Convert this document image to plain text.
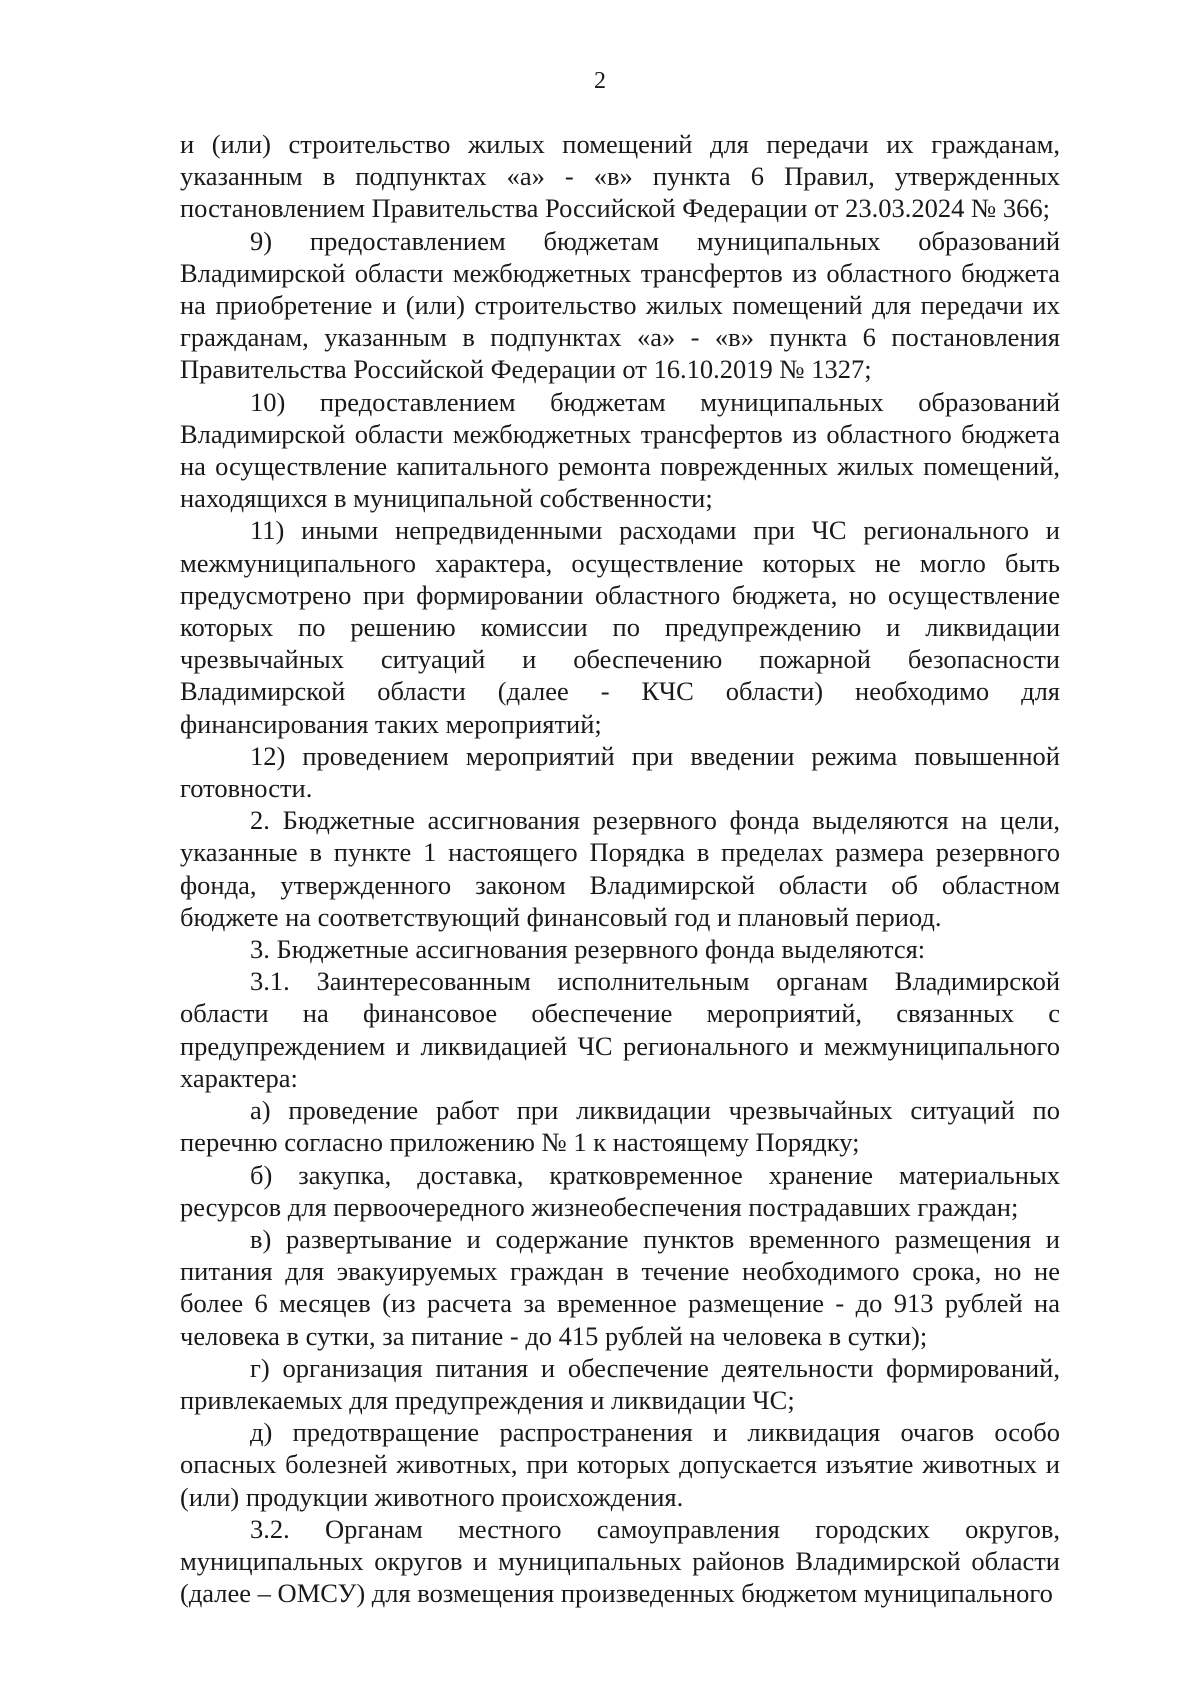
2

и (или) строительство жилых помещений для передачи их гражданам, указанным в подпунктах «а» - «в» пункта 6 Правил, утвержденных постановлением Правительства Российской Федерации от 23.03.2024 № 366;

9) предоставлением бюджетам муниципальных образований Владимирской области межбюджетных трансфертов из областного бюджета на приобретение и (или) строительство жилых помещений для передачи их гражданам, указанным в подпунктах «а» - «в» пункта 6 постановления Правительства Российской Федерации от 16.10.2019 № 1327;

10) предоставлением бюджетам муниципальных образований Владимирской области межбюджетных трансфертов из областного бюджета на осуществление капитального ремонта поврежденных жилых помещений, находящихся в муниципальной собственности;

11) иными непредвиденными расходами при ЧС регионального и межмуниципального характера, осуществление которых не могло быть предусмотрено при формировании областного бюджета, но осуществление которых по решению комиссии по предупреждению и ликвидации чрезвычайных ситуаций и обеспечению пожарной безопасности Владимирской области (далее - КЧС области) необходимо для финансирования таких мероприятий;

12) проведением мероприятий при введении режима повышенной готовности.

2. Бюджетные ассигнования резервного фонда выделяются на цели, указанные в пункте 1 настоящего Порядка в пределах размера резервного фонда, утвержденного законом Владимирской области об областном бюджете на соответствующий финансовый год и плановый период.

3. Бюджетные ассигнования резервного фонда выделяются:

3.1. Заинтересованным исполнительным органам Владимирской области на финансовое обеспечение мероприятий, связанных с предупреждением и ликвидацией ЧС регионального и межмуниципального характера:

а) проведение работ при ликвидации чрезвычайных ситуаций по перечню согласно приложению № 1 к настоящему Порядку;

б) закупка, доставка, кратковременное хранение материальных ресурсов для первоочередного жизнеобеспечения пострадавших граждан;

в) развертывание и содержание пунктов временного размещения и питания для эвакуируемых граждан в течение необходимого срока, но не более 6 месяцев (из расчета за временное размещение - до 913 рублей на человека в сутки, за питание - до 415 рублей на человека в сутки);

г) организация питания и обеспечение деятельности формирований, привлекаемых для предупреждения и ликвидации ЧС;

д) предотвращение распространения и ликвидация очагов особо опасных болезней животных, при которых допускается изъятие животных и (или) продукции животного происхождения.

3.2. Органам местного самоуправления городских округов, муниципальных округов и муниципальных районов Владимирской области (далее – ОМСУ) для возмещения произведенных бюджетом муниципального
